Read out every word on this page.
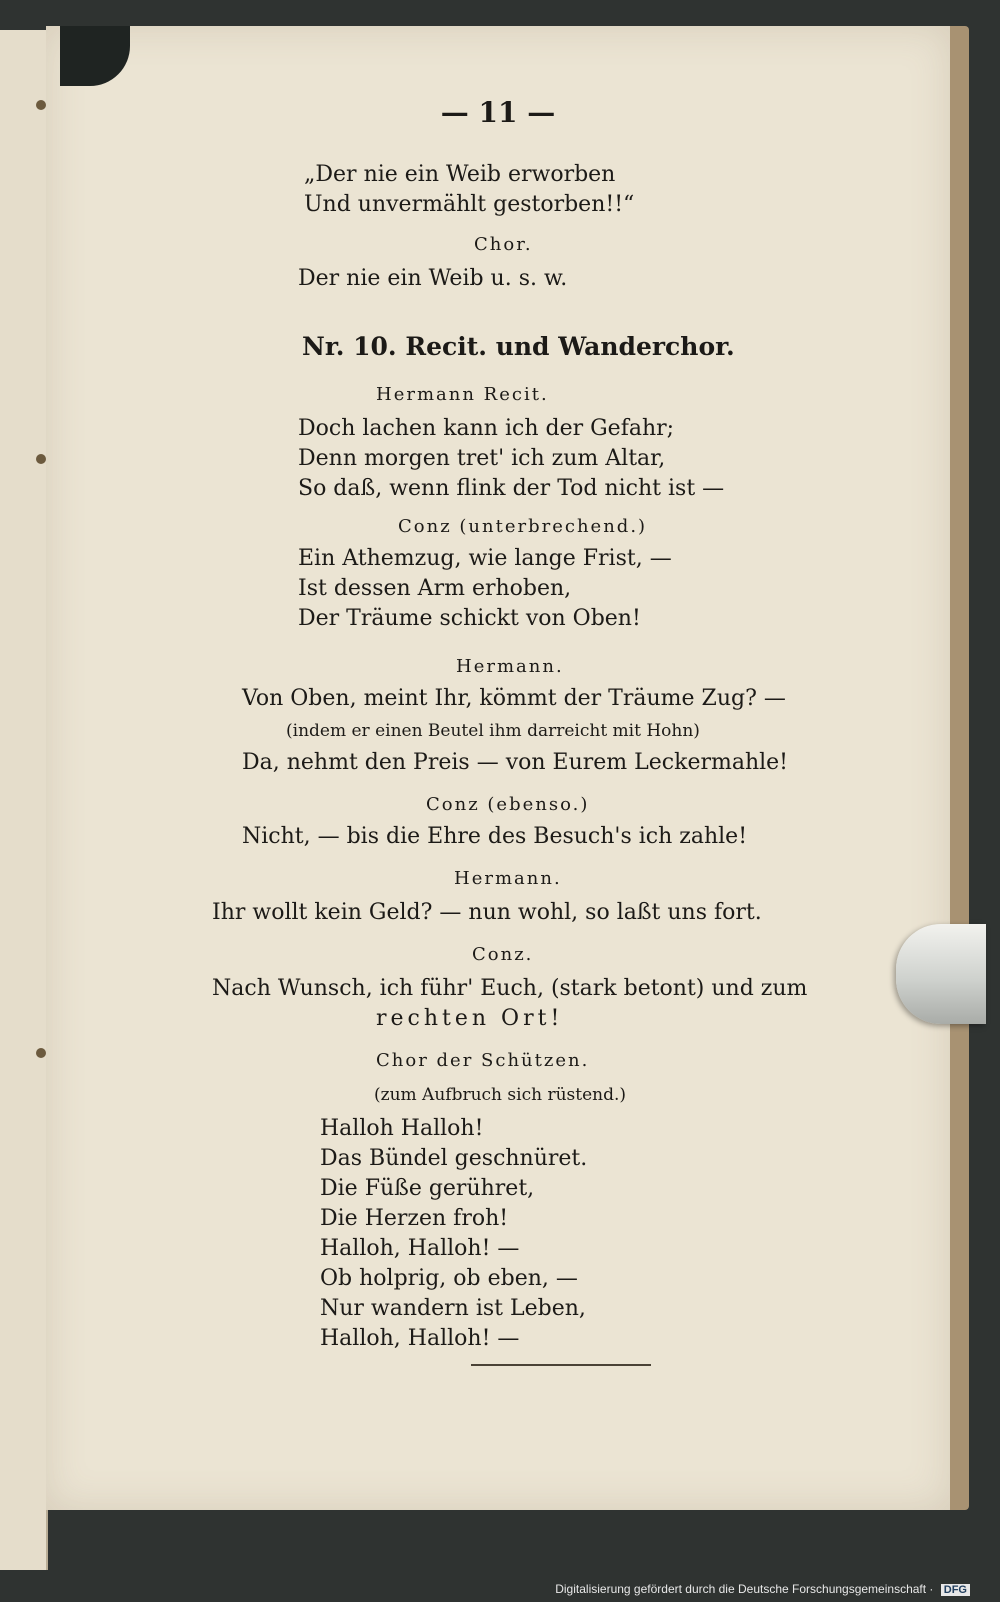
— 11 —
„Der nie ein Weib erworben
Und unvermählt gestorben!!“
Chor.
Der nie ein Weib u. s. w.
Nr. 10. Recit. und Wanderchor.
Hermann Recit.
Doch lachen kann ich der Gefahr;
Denn morgen tret' ich zum Altar,
So daß, wenn flink der Tod nicht ist —
Conz (unterbrechend.)
Ein Athemzug, wie lange Frist, —
Ist dessen Arm erhoben,
Der Träume schickt von Oben!
Hermann.
Von Oben, meint Ihr, kömmt der Träume Zug? —
(indem er einen Beutel ihm darreicht mit Hohn)
Da, nehmt den Preis — von Eurem Leckermahle!
Conz (ebenso.)
Nicht, — bis die Ehre des Besuch's ich zahle!
Hermann.
Ihr wollt kein Geld? — nun wohl, so laßt uns fort.
Conz.
Nach Wunsch, ich führ' Euch, (stark betont) und zum
rechten Ort!
Chor der Schützen.
(zum Aufbruch sich rüstend.)
Halloh Halloh!
Das Bündel geschnüret.
Die Füße gerühret,
Die Herzen froh!
Halloh, Halloh! —
Ob holprig, ob eben, —
Nur wandern ist Leben,
Halloh, Halloh! —
Digitalisierung gefördert durch die Deutsche Forschungsgemeinschaft · DFG
